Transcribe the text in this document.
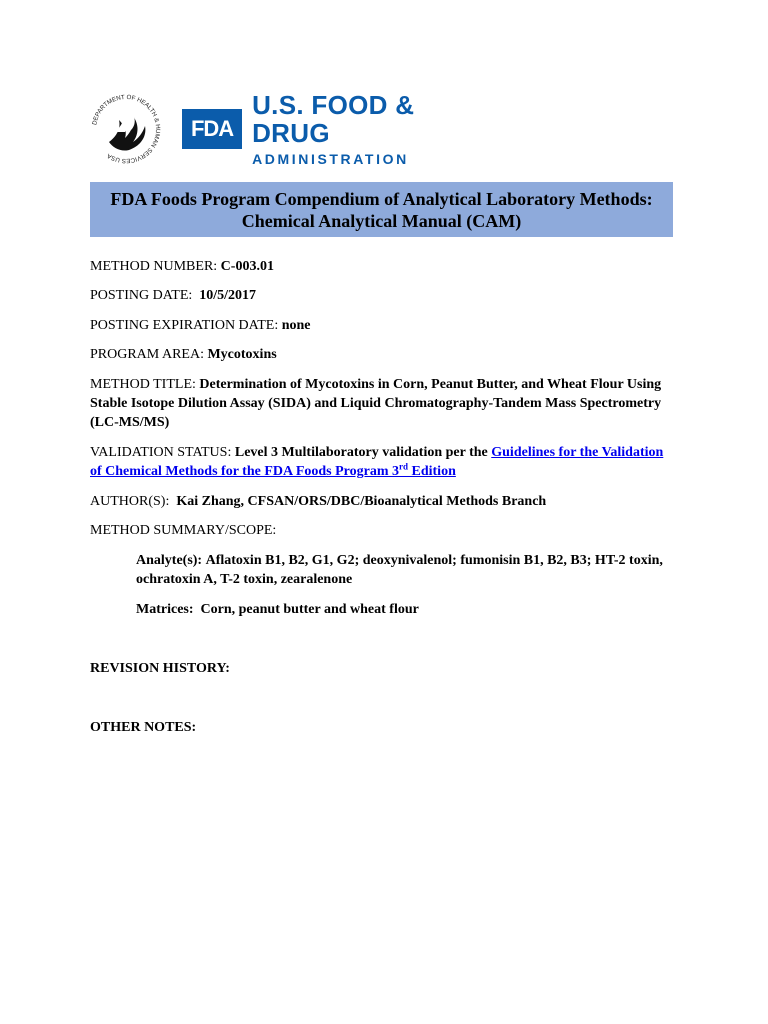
DEPARTMENT OF HEALTH & HUMAN SERVICES USA
FDA
U.S. FOOD & DRUG
ADMINISTRATION
FDA Foods Program Compendium of Analytical Laboratory Methods:
Chemical Analytical Manual (CAM)
METHOD NUMBER: C-003.01
POSTING DATE: 10/5/2017
POSTING EXPIRATION DATE: none
PROGRAM AREA: Mycotoxins
METHOD TITLE: Determination of Mycotoxins in Corn, Peanut Butter, and Wheat Flour Using Stable Isotope Dilution Assay (SIDA) and Liquid Chromatography-Tandem Mass Spectrometry (LC-MS/MS)
VALIDATION STATUS: Level 3 Multilaboratory validation per the Guidelines for the Validation of Chemical Methods for the FDA Foods Program 3rd Edition
AUTHOR(S): Kai Zhang, CFSAN/ORS/DBC/Bioanalytical Methods Branch
METHOD SUMMARY/SCOPE:
Analyte(s): Aflatoxin B1, B2, G1, G2; deoxynivalenol; fumonisin B1, B2, B3; HT-2 toxin, ochratoxin A, T-2 toxin, zearalenone
Matrices: Corn, peanut butter and wheat flour
REVISION HISTORY:
OTHER NOTES:
